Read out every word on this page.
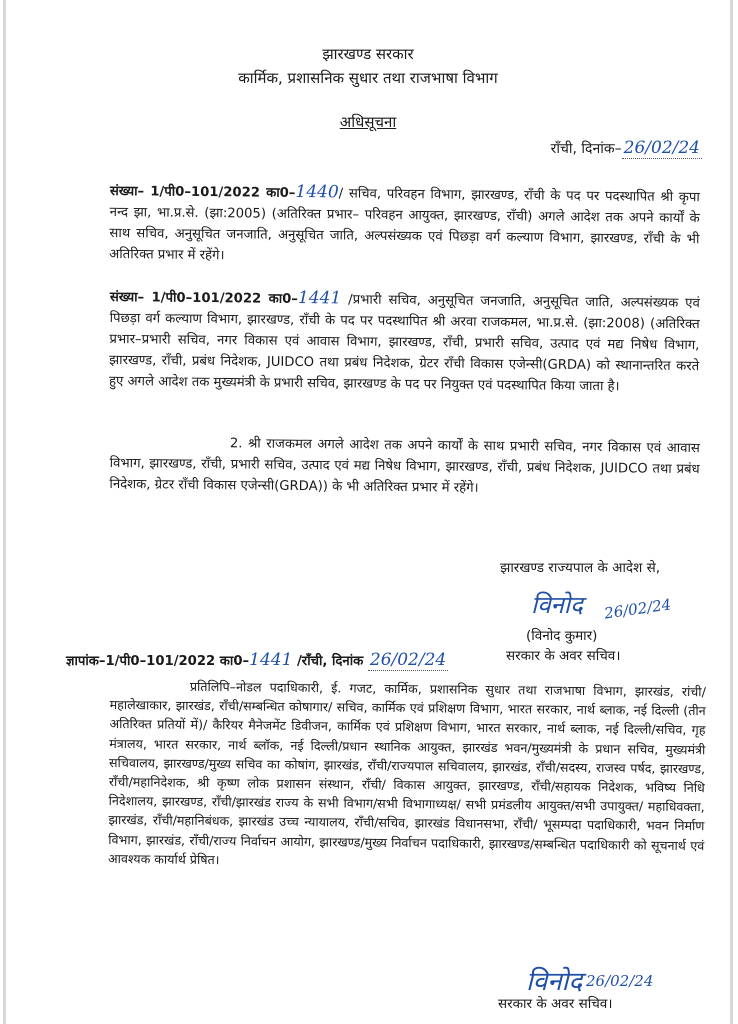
झारखण्ड सरकार
कार्मिक, प्रशासनिक सुधार तथा राजभाषा विभाग
अधिसूचना
राँची, दिनांक– 26/02/24
संख्या– 1/पी0–101/2022 का0–1440/ सचिव, परिवहन विभाग, झारखण्ड, राँची के पद पर पदस्थापित श्री कृपा नन्द झा, भा.प्र.से. (झा:2005) (अतिरिक्त प्रभार– परिवहन आयुक्त, झारखण्ड, राँची) अगले आदेश तक अपने कार्यों के साथ सचिव, अनुसूचित जनजाति, अनुसूचित जाति, अल्पसंख्यक एवं पिछड़ा वर्ग कल्याण विभाग, झारखण्ड, राँची के भी अतिरिक्त प्रभार में रहेंगे।
संख्या– 1/पी0–101/2022 का0–1441 /प्रभारी सचिव, अनुसूचित जनजाति, अनुसूचित जाति, अल्पसंख्यक एवं पिछड़ा वर्ग कल्याण विभाग, झारखण्ड, राँची के पद पर पदस्थापित श्री अरवा राजकमल, भा.प्र.से. (झा:2008) (अतिरिक्त प्रभार–प्रभारी सचिव, नगर विकास एवं आवास विभाग, झारखण्ड, राँची, प्रभारी सचिव, उत्पाद एवं मद्य निषेध विभाग, झारखण्ड, राँची, प्रबंध निदेशक, JUIDCO तथा प्रबंध निदेशक, ग्रेटर राँची विकास एजेन्सी(GRDA) को स्थानान्तरित करते हुए अगले आदेश तक मुख्यमंत्री के प्रभारी सचिव, झारखण्ड के पद पर नियुक्त एवं पदस्थापित किया जाता है।
2. श्री राजकमल अगले आदेश तक अपने कार्यों के साथ प्रभारी सचिव, नगर विकास एवं आवास विभाग, झारखण्ड, राँची, प्रभारी सचिव, उत्पाद एवं मद्य निषेध विभाग, झारखण्ड, राँची, प्रबंध निदेशक, JUIDCO तथा प्रबंध निदेशक, ग्रेटर राँची विकास एजेन्सी(GRDA)) के भी अतिरिक्त प्रभार में रहेंगे।
झारखण्ड राज्यपाल के आदेश से,
विनोद 26/02/24
(विनोद कुमार)
सरकार के अवर सचिव।
ज्ञापांक–1/पी0–101/2022 का0–1441 /राँची, दिनांक 26/02/24
प्रतिलिपि–नोडल पदाधिकारी, ई. गजट, कार्मिक, प्रशासनिक सुधार तथा राजभाषा विभाग, झारखंड, रांची/महालेखाकार, झारखंड, राँची/सम्बन्धित कोषागार/ सचिव, कार्मिक एवं प्रशिक्षण विभाग, भारत सरकार, नार्थ ब्लाक, नई दिल्ली (तीन अतिरिक्त प्रतियों में)/ कैरियर मैनेजमेंट डिवीजन, कार्मिक एवं प्रशिक्षण विभाग, भारत सरकार, नार्थ ब्लाक, नई दिल्ली/सचिव, गृह मंत्रालय, भारत सरकार, नार्थ ब्लॉक, नई दिल्ली/प्रधान स्थानिक आयुक्त, झारखंड भवन/मुख्यमंत्री के प्रधान सचिव, मुख्यमंत्री सचिवालय, झारखण्ड/मुख्य सचिव का कोषांग, झारखंड, राँची/राज्यपाल सचिवालय, झारखंड, राँची/सदस्य, राजस्व पर्षद, झारखण्ड, राँची/महानिदेशक, श्री कृष्ण लोक प्रशासन संस्थान, राँची/ विकास आयुक्त, झारखण्ड, राँची/सहायक निदेशक, भविष्य निधि निदेशालय, झारखण्ड, राँची/झारखंड राज्य के सभी विभाग/सभी विभागाध्यक्ष/ सभी प्रमंडलीय आयुक्त/सभी उपायुक्त/ महाधिवक्ता, झारखंड, राँची/महानिबंधक, झारखंड उच्च न्यायालय, राँची/सचिव, झारखंड विधानसभा, राँची/ भूसम्पदा पदाधिकारी, भवन निर्माण विभाग, झारखंड, राँची/राज्य निर्वाचन आयोग, झारखण्ड/मुख्य निर्वाचन पदाधिकारी, झारखण्ड/सम्बन्धित पदाधिकारी को सूचनार्थ एवं आवश्यक कार्यार्थ प्रेषित।
विनोद 26/02/24
सरकार के अवर सचिव।
